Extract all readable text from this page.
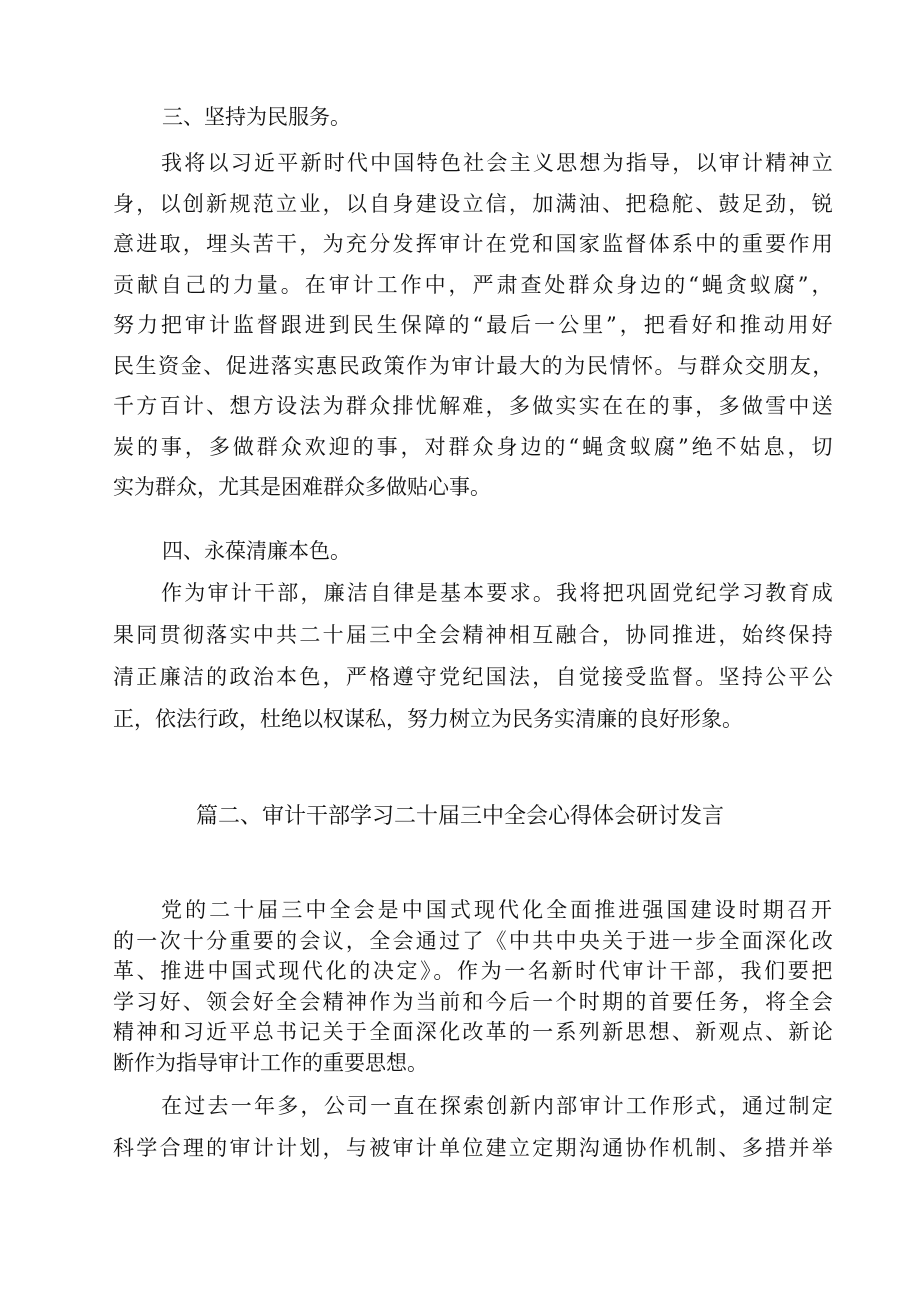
三、坚持为民服务。
我将以习近平新时代中国特色社会主义思想为指导，以审计精神立
身，以创新规范立业，以自身建设立信，加满油、把稳舵、鼓足劲，锐
意进取，埋头苦干，为充分发挥审计在党和国家监督体系中的重要作用
贡献自己的力量。在审计工作中，严肃查处群众身边的“蝇贪蚁腐”，
努力把审计监督跟进到民生保障的“最后一公里”，把看好和推动用好
民生资金、促进落实惠民政策作为审计最大的为民情怀。与群众交朋友，
千方百计、想方设法为群众排忧解难，多做实实在在的事，多做雪中送
炭的事，多做群众欢迎的事，对群众身边的“蝇贪蚁腐”绝不姑息，切
实为群众，尤其是困难群众多做贴心事。
四、永葆清廉本色。
作为审计干部，廉洁自律是基本要求。我将把巩固党纪学习教育成
果同贯彻落实中共二十届三中全会精神相互融合，协同推进，始终保持
清正廉洁的政治本色，严格遵守党纪国法，自觉接受监督。坚持公平公
正，依法行政，杜绝以权谋私，努力树立为民务实清廉的良好形象。
篇二、审计干部学习二十届三中全会心得体会研讨发言
党的二十届三中全会是中国式现代化全面推进强国建设时期召开
的一次十分重要的会议，全会通过了《中共中央关于进一步全面深化改
革、推进中国式现代化的决定》。作为一名新时代审计干部，我们要把
学习好、领会好全会精神作为当前和今后一个时期的首要任务，将全会
精神和习近平总书记关于全面深化改革的一系列新思想、新观点、新论
断作为指导审计工作的重要思想。
在过去一年多，公司一直在探索创新内部审计工作形式，通过制定
科学合理的审计计划，与被审计单位建立定期沟通协作机制、多措并举
